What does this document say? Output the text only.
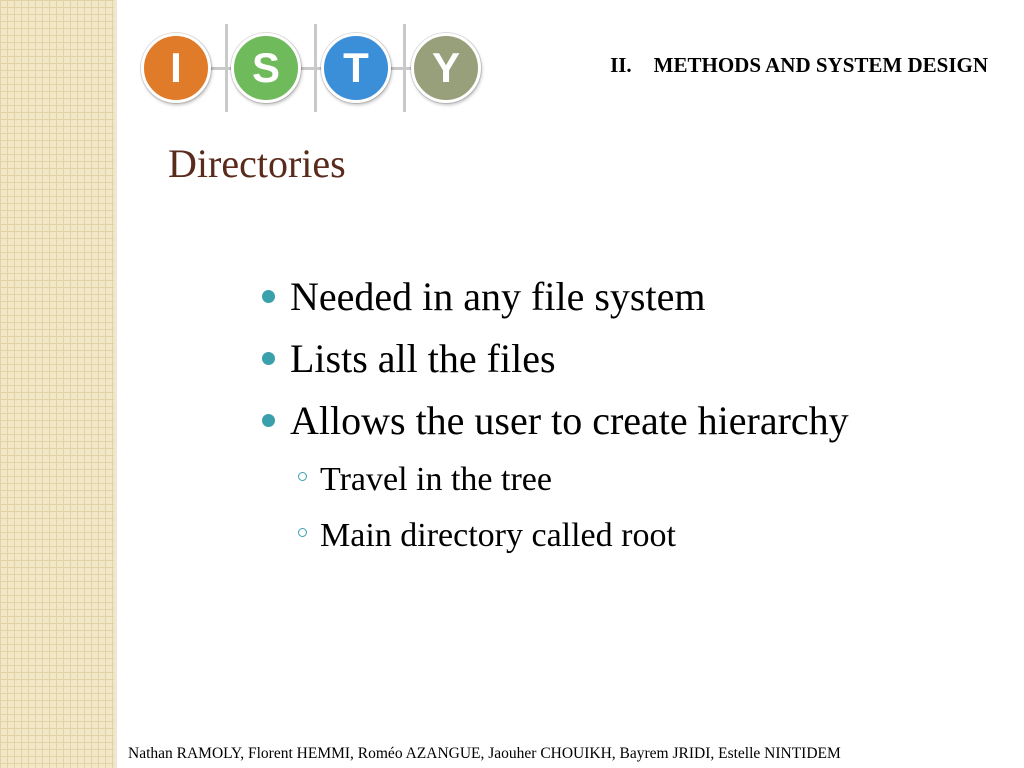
I	S	T	Y	II. METHODS AND SYSTEM DESIGN
Directories
Needed in any file system
Lists all the files
Allows the user to create hierarchy
Travel in the tree
Main directory called root
Nathan RAMOLY, Florent HEMMI, Roméo AZANGUE, Jaouher CHOUIKH, Bayrem JRIDI, Estelle NINTIDEM
